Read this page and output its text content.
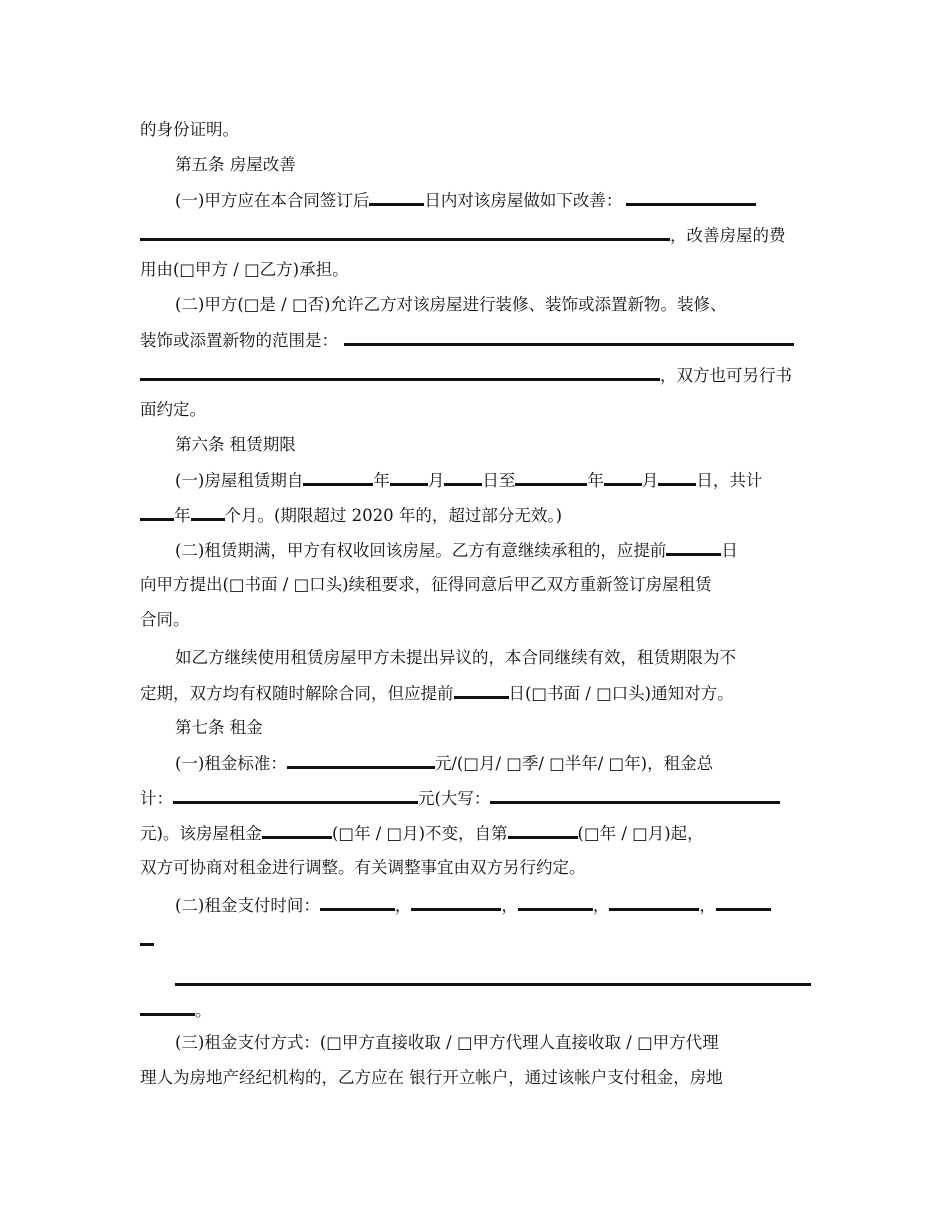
的身份证明。
第五条 房屋改善
(一)甲方应在本合同签订后	日内对该房屋做如下改善：
，改善房屋的费
用由(□甲方 / □乙方)承担。
(二)甲方(□是 / □否)允许乙方对该房屋进行装修、装饰或添置新物。装修、
装饰或添置新物的范围是：
，双方也可另行书
面约定。
第六条 租赁期限
(一)房屋租赁期自	年 月 日至	年 月 日，共计
年 个月。(期限超过 2020 年的，超过部分无效。)
(二)租赁期满，甲方有权收回该房屋。乙方有意继续承租的，应提前	日
向甲方提出(□书面 / □口头)续租要求，征得同意后甲乙双方重新签订房屋租赁
合同。
如乙方继续使用租赁房屋甲方未提出异议的，本合同继续有效，租赁期限为不
定期，双方均有权随时解除合同，但应提前	日(□书面 / □口头)通知对方。
第七条 租金
(一)租金标准：	元/(□月/ □季/ □半年/ □年)，租金总
计：	元(大写：
元)。该房屋租金	(□年 / □月)不变，自第	(□年 / □月)起，
双方可协商对租金进行调整。有关调整事宜由双方另行约定。
(二)租金支付时间：	，	，	，	，
。
(三)租金支付方式：(□甲方直接收取 / □甲方代理人直接收取 / □甲方代理
理人为房地产经纪机构的，乙方应在 银行开立帐户，通过该帐户支付租金，房地
